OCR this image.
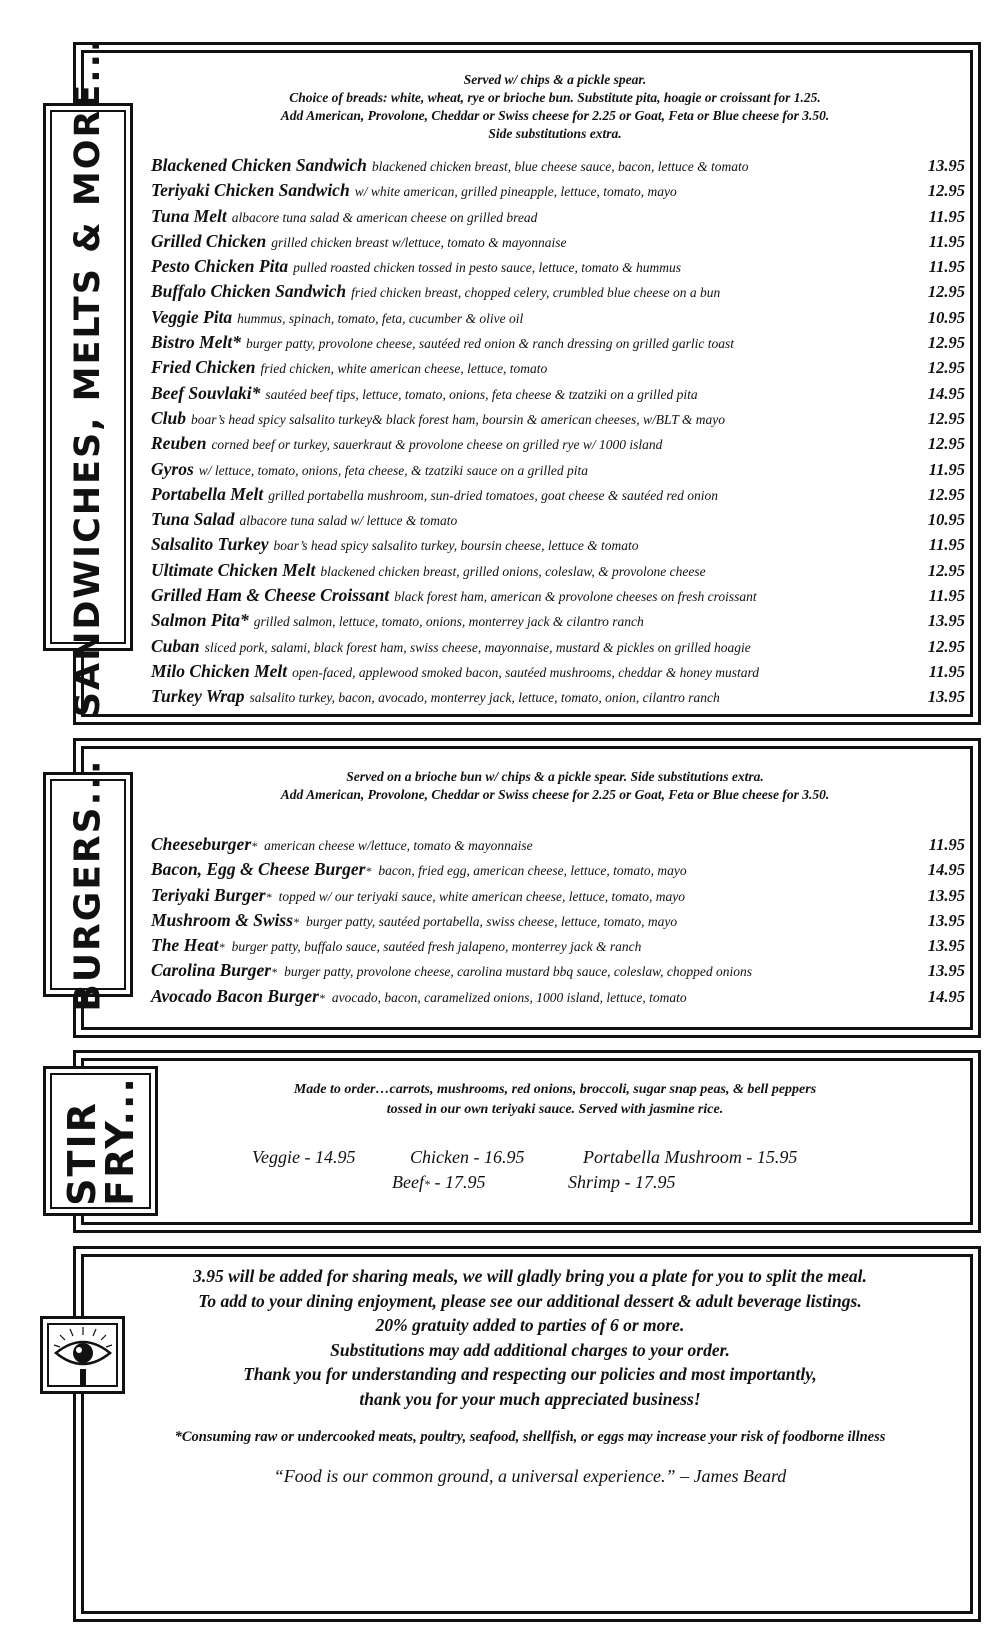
SANDWICHES, MELTS & MORE...	Served w/ chips & a pickle spear.
Choice of breads: white, wheat, rye or brioche bun. Substitute pita, hoagie or croissant for 1.25.
Add American, Provolone, Cheddar or Swiss cheese for 2.25 or Goat, Feta or Blue cheese for 3.50.
Side substitutions extra.
Blackened Chicken Sandwich blackened chicken breast, blue cheese sauce, bacon, lettuce & tomato	13.95
Teriyaki Chicken Sandwich w/ white american, grilled pineapple, lettuce, tomato, mayo	12.95
Tuna Melt albacore tuna salad & american cheese on grilled bread	11.95
Grilled Chicken grilled chicken breast w/lettuce, tomato & mayonnaise	11.95
Pesto Chicken Pita pulled roasted chicken tossed in pesto sauce, lettuce, tomato & hummus	11.95
Buffalo Chicken Sandwich fried chicken breast, chopped celery, crumbled blue cheese on a bun	12.95
Veggie Pita hummus, spinach, tomato, feta, cucumber & olive oil	10.95
Bistro Melt* burger patty, provolone cheese, sautéed red onion & ranch dressing on grilled garlic toast	12.95
Fried Chicken fried chicken, white american cheese, lettuce, tomato	12.95
Beef Souvlaki* sautéed beef tips, lettuce, tomato, onions, feta cheese & tzatziki on a grilled pita	14.95
Club boar’s head spicy salsalito turkey& black forest ham, boursin & american cheeses, w/BLT & mayo	12.95
Reuben corned beef or turkey, sauerkraut & provolone cheese on grilled rye w/ 1000 island	12.95
Gyros w/ lettuce, tomato, onions, feta cheese, & tzatziki sauce on a grilled pita	11.95
Portabella Melt grilled portabella mushroom, sun-dried tomatoes, goat cheese & sautéed red onion	12.95
Tuna Salad albacore tuna salad w/ lettuce & tomato	10.95
Salsalito Turkey boar’s head spicy salsalito turkey, boursin cheese, lettuce & tomato	11.95
Ultimate Chicken Melt blackened chicken breast, grilled onions, coleslaw, & provolone cheese	12.95
Grilled Ham & Cheese Croissant black forest ham, american & provolone cheeses on fresh croissant	11.95
Salmon Pita* grilled salmon, lettuce, tomato, onions, monterrey jack & cilantro ranch	13.95
Cuban sliced pork, salami, black forest ham, swiss cheese, mayonnaise, mustard & pickles on grilled hoagie	12.95
Milo Chicken Melt open-faced, applewood smoked bacon, sautéed mushrooms, cheddar & honey mustard	11.95
Turkey Wrap salsalito turkey, bacon, avocado, monterrey jack, lettuce, tomato, onion, cilantro ranch	13.95
BURGERS...	Served on a brioche bun w/ chips & a pickle spear. Side substitutions extra.
Add American, Provolone, Cheddar or Swiss cheese for 2.25 or Goat, Feta or Blue cheese for 3.50.
Cheeseburger * american cheese w/lettuce, tomato & mayonnaise	11.95
Bacon, Egg & Cheese Burger * bacon, fried egg, american cheese, lettuce, tomato, mayo	14.95
Teriyaki Burger * topped w/ our teriyaki sauce, white american cheese, lettuce, tomato, mayo	13.95
Mushroom & Swiss * burger patty, sautéed portabella, swiss cheese, lettuce, tomato, mayo	13.95
The Heat * burger patty, buffalo sauce, sautéed fresh jalapeno, monterrey jack & ranch	13.95
Carolina Burger * burger patty, provolone cheese, carolina mustard bbq sauce, coleslaw, chopped onions	13.95
Avocado Bacon Burger * avocado, bacon, caramelized onions, 1000 island, lettuce, tomato	14.95
STIR
FRY...	Made to order…carrots, mushrooms, red onions, broccoli, sugar snap peas, & bell peppers
tossed in our own teriyaki sauce. Served with jasmine rice.
Veggie - 14.95	Chicken - 16.95	Portabella Mushroom - 15.95
Beef* - 17.95	Shrimp - 17.95
3.95 will be added for sharing meals, we will gladly bring you a plate for you to split the meal.
To add to your dining enjoyment, please see our additional dessert & adult beverage listings.
20% gratuity added to parties of 6 or more.
Substitutions may add additional charges to your order.
Thank you for understanding and respecting our policies and most importantly,
thank you for your much appreciated business!
*Consuming raw or undercooked meats, poultry, seafood, shellfish, or eggs may increase your risk of foodborne illness
“Food is our common ground, a universal experience.” – James Beard
